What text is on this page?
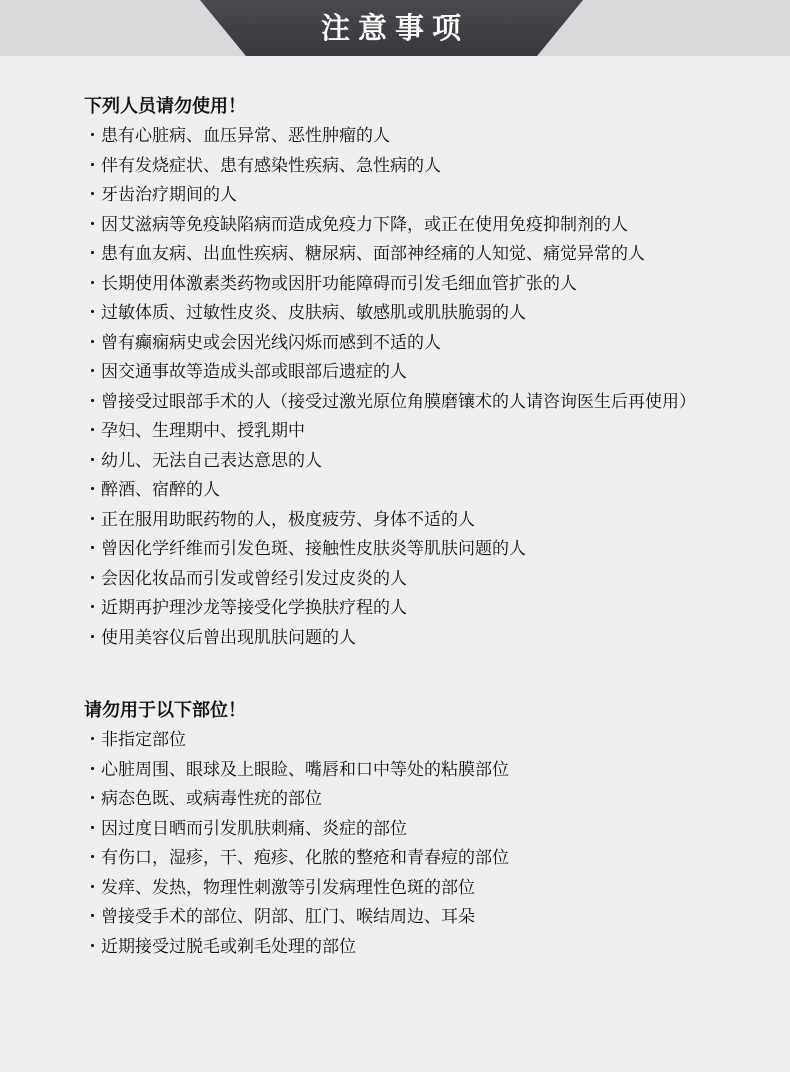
注意事项
下列人员请勿使用！
・患有心脏病、血压异常、恶性肿瘤的人
・伴有发烧症状、患有感染性疾病、急性病的人
・牙齿治疗期间的人
・因艾滋病等免疫缺陷病而造成免疫力下降，或正在使用免疫抑制剂的人
・患有血友病、出血性疾病、糖尿病、面部神经痛的人知觉、痛觉异常的人
・长期使用体激素类药物或因肝功能障碍而引发毛细血管扩张的人
・过敏体质、过敏性皮炎、皮肤病、敏感肌或肌肤脆弱的人
・曾有癫痫病史或会因光线闪烁而感到不适的人
・因交通事故等造成头部或眼部后遗症的人
・曾接受过眼部手术的人（接受过激光原位角膜磨镶术的人请咨询医生后再使用）
・孕妇、生理期中、授乳期中
・幼儿、无法自己表达意思的人
・醉酒、宿醉的人
・正在服用助眠药物的人，极度疲劳、身体不适的人
・曾因化学纤维而引发色斑、接触性皮肤炎等肌肤问题的人
・会因化妆品而引发或曾经引发过皮炎的人
・近期再护理沙龙等接受化学换肤疗程的人
・使用美容仪后曾出现肌肤问题的人
请勿用于以下部位！
・非指定部位
・心脏周围、眼球及上眼睑、嘴唇和口中等处的粘膜部位
・病态色既、或病毒性疣的部位
・因过度日晒而引发肌肤刺痛、炎症的部位
・有伤口，湿疹，干、疱疹、化脓的整疮和青春痘的部位
・发痒、发热，物理性刺激等引发病理性色斑的部位
・曾接受手术的部位、阴部、肛门、喉结周边、耳朵
・近期接受过脱毛或剃毛处理的部位
